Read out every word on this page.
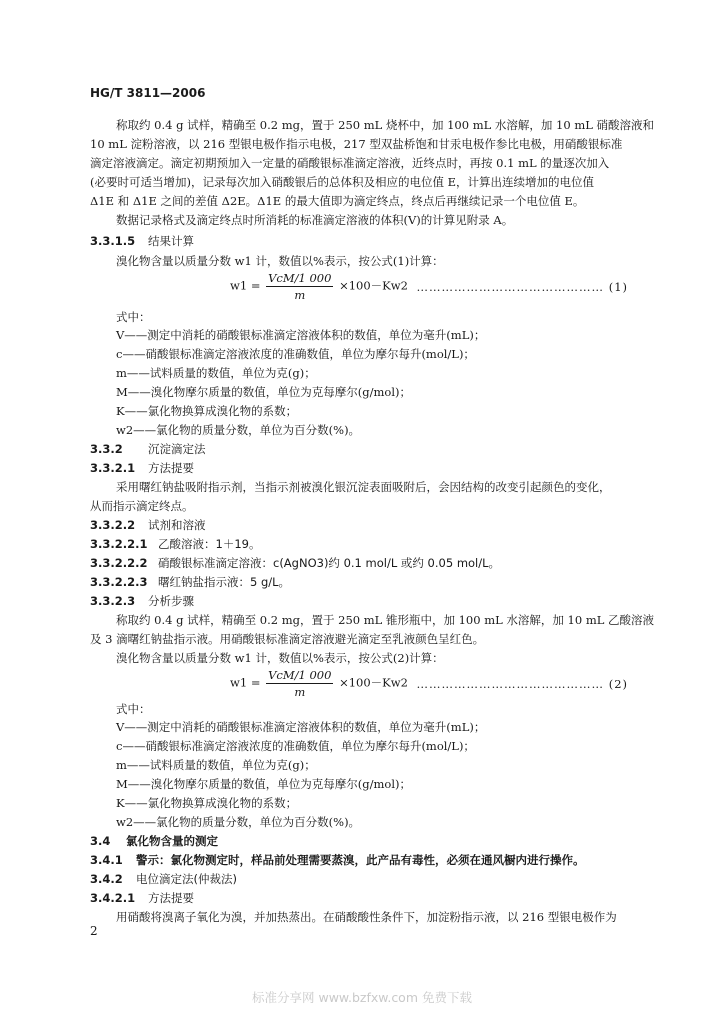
HG/T 3811—2006
称取约 0.4 g 试样，精确至 0.2 mg，置于 250 mL 烧杯中，加 100 mL 水溶解，加 10 mL 硝酸溶液和
10 mL 淀粉溶液，以 216 型银电极作指示电极，217 型双盐桥饱和甘汞电极作参比电极，用硝酸银标准
滴定溶液滴定。滴定初期预加入一定量的硝酸银标准滴定溶液，近终点时，再按 0.1 mL 的量逐次加入
(必要时可适当增加)，记录每次加入硝酸银后的总体积及相应的电位值 E，计算出连续增加的电位值
Δ1E 和 Δ1E 之间的差值 Δ2E。Δ1E 的最大值即为滴定终点，终点后再继续记录一个电位值 E。
数据记录格式及滴定终点时所消耗的标准滴定溶液的体积(V)的计算见附录 A。
3.3.1.5 结果计算
溴化物含量以质量分数 w1 计，数值以%表示，按公式(1)计算：
$w1 = \frac{\text{VcM/1 000}}{m} \times 100-Kw2$ ……………………………………… (1)
式中：
V——测定中消耗的硝酸银标准滴定溶液体积的数值，单位为毫升(mL)；
c——硝酸银标准滴定溶液浓度的准确数值，单位为摩尔每升(mol/L)；
m——试料质量的数值，单位为克(g)；
M——溴化物摩尔质量的数值，单位为克每摩尔(g/mol)；
K——氯化物换算成溴化物的系数；
w2——氯化物的质量分数，单位为百分数(%)。
3.3.2 沉淀滴定法
3.3.2.1 方法提要
采用曙红钠盐吸附指示剂，当指示剂被溴化银沉淀表面吸附后，会因结构的改变引起颜色的变化，
从而指示滴定终点。
3.3.2.2 试剂和溶液
3.3.2.2.1 乙酸溶液：1＋19。
3.3.2.2.2 硝酸银标准滴定溶液：c(AgNO3)约 0.1 mol/L 或约 0.05 mol/L。
3.3.2.2.3 曙红钠盐指示液：5 g/L。
3.3.2.3 分析步骤
称取约 0.4 g 试样，精确至 0.2 mg，置于 250 mL 锥形瓶中，加 100 mL 水溶解，加 10 mL 乙酸溶液
及 3 滴曙红钠盐指示液。用硝酸银标准滴定溶液避光滴定至乳液颜色呈红色。
溴化物含量以质量分数 w1 计，数值以%表示，按公式(2)计算：
$w1 = \frac{\text{VcM/1 000}}{m} \times 100-Kw2$ ……………………………………… (2)
式中：
V——测定中消耗的硝酸银标准滴定溶液体积的数值，单位为毫升(mL)；
c——硝酸银标准滴定溶液浓度的准确数值，单位为摩尔每升(mol/L)；
m——试料质量的数值，单位为克(g)；
M——溴化物摩尔质量的数值，单位为克每摩尔(g/mol)；
K——氯化物换算成溴化物的系数；
w2——氯化物的质量分数，单位为百分数(%)。
3.4 氯化物含量的测定
3.4.1 警示：氯化物测定时，样品前处理需要蒸溴，此产品有毒性，必须在通风橱内进行操作。
3.4.2 电位滴定法(仲裁法)
3.4.2.1 方法提要
用硝酸将溴离子氧化为溴，并加热蒸出。在硝酸酸性条件下，加淀粉指示液，以 216 型银电极作为
2
标准分享网 www.bzfxw.com 免费下载
